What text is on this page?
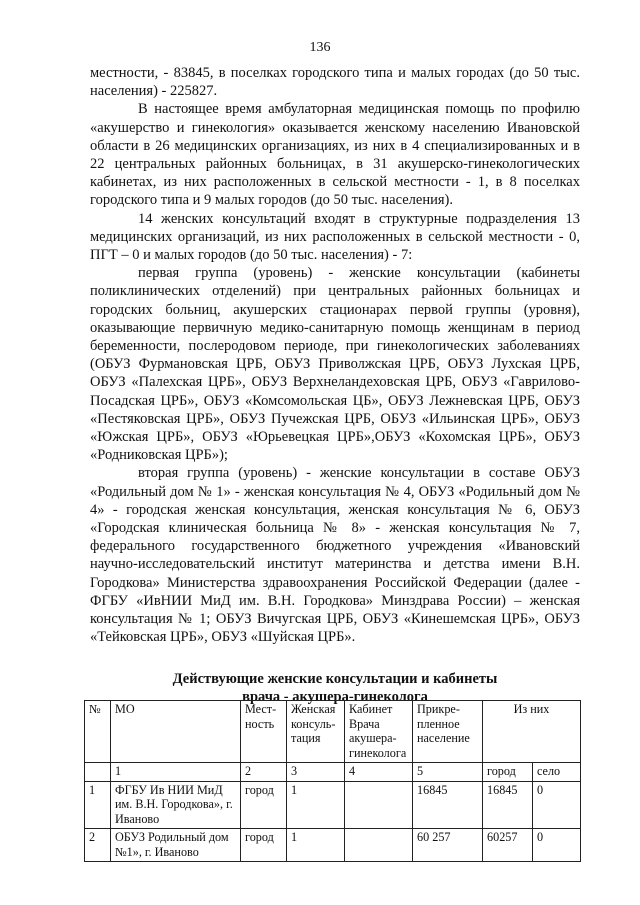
136

местности, - 83845, в поселках городского типа и малых городах (до 50 тыс. населения) - 225827.

В настоящее время амбулаторная медицинская помощь по профилю «акушерство и гинекология» оказывается женскому населению Ивановской области в 26 медицинских организациях, из них в 4 специализированных и в 22 центральных районных больницах, в 31 акушерско-гинекологических кабинетах, из них расположенных в сельской местности - 1, в 8 поселках городского типа и 9 малых городов (до 50 тыс. населения).

14 женских консультаций входят в структурные подразделения 13 медицинских организаций, из них расположенных в сельской местности - 0, ПГТ – 0 и малых городов (до 50 тыс. населения) - 7:

первая группа (уровень) - женские консультации (кабинеты поликлинических отделений) при центральных районных больницах и городских больниц, акушерских стационарах первой группы (уровня), оказывающие первичную медико-санитарную помощь женщинам в период беременности, послеродовом периоде, при гинекологических заболеваниях (ОБУЗ Фурмановская ЦРБ, ОБУЗ Приволжская ЦРБ, ОБУЗ Лухская ЦРБ, ОБУЗ «Палехская ЦРБ», ОБУЗ Верхнеландеховская ЦРБ, ОБУЗ «Гаврилово-Посадская ЦРБ», ОБУЗ «Комсомольская ЦБ», ОБУЗ Лежневская ЦРБ, ОБУЗ «Пестяковская ЦРБ», ОБУЗ Пучежская ЦРБ, ОБУЗ «Ильинская ЦРБ», ОБУЗ «Южская ЦРБ», ОБУЗ «Юрьевецкая ЦРБ»,ОБУЗ «Кохомская ЦРБ», ОБУЗ «Родниковская ЦРБ»);

вторая группа (уровень) - женские консультации в составе ОБУЗ «Родильный дом № 1» - женская консультация № 4, ОБУЗ «Родильный дом № 4» - городская женская консультация, женская консультация № 6, ОБУЗ «Городская клиническая больница № 8» - женская консультация № 7, федерального государственного бюджетного учреждения «Ивановский научно-исследовательский институт материнства и детства имени В.Н. Городкова» Министерства здравоохранения Российской Федерации (далее - ФГБУ «ИвНИИ МиД им. В.Н. Городкова» Минздрава России) – женская консультация № 1; ОБУЗ Вичугская ЦРБ, ОБУЗ «Кинешемская ЦРБ», ОБУЗ «Тейковская ЦРБ», ОБУЗ «Шуйская ЦРБ».

Действующие женские консультации и кабинеты
врача - акушера-гинеколога
№	МО	Мест-ность	Женская консуль-тация	Кабинет Врача акушера-гинеколога	Прикре-пленное население	Из них	
	1	2	3	4	5	город	село
1	ФГБУ Ив НИИ МиД им. В.Н. Городкова», г. Иваново	город	1		16845	16845	0
2	ОБУЗ Родильный дом №1», г. Иваново	город	1		60 257	60257	0
